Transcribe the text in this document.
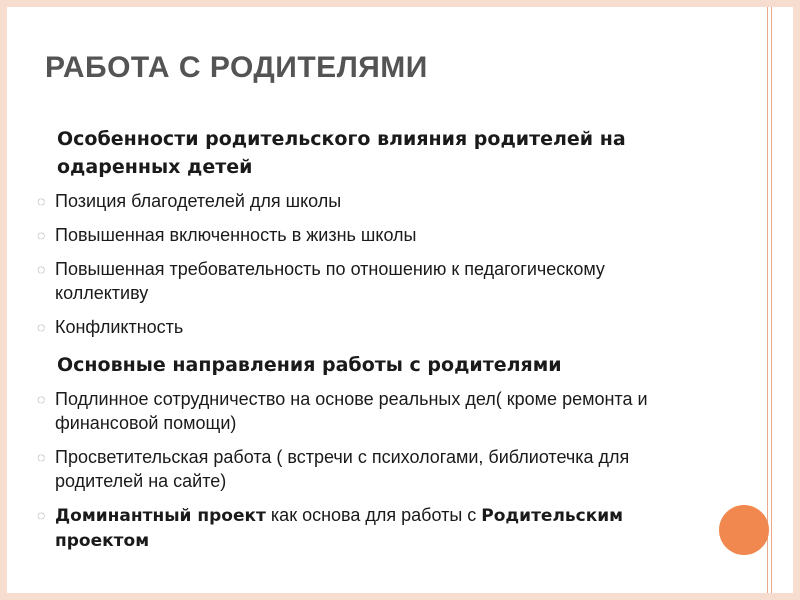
РАБОТА С РОДИТЕЛЯМИ

Особенности родительского влияния родителей на одаренных детей

◌ Позиция благодетелей для школы
◌ Повышенная включенность в жизнь школы
◌ Повышенная требовательность по отношению к педагогическому коллективу
◌ Конфликтность

Основные направления работы с родителями

◌ Подлинное сотрудничество на основе реальных дел( кроме ремонта и финансовой помощи)
◌ Просветительская работа ( встречи с психологами, библиотечка для родителей на сайте)
◌ Доминантный проект как основа для работы с Родительским проектом
